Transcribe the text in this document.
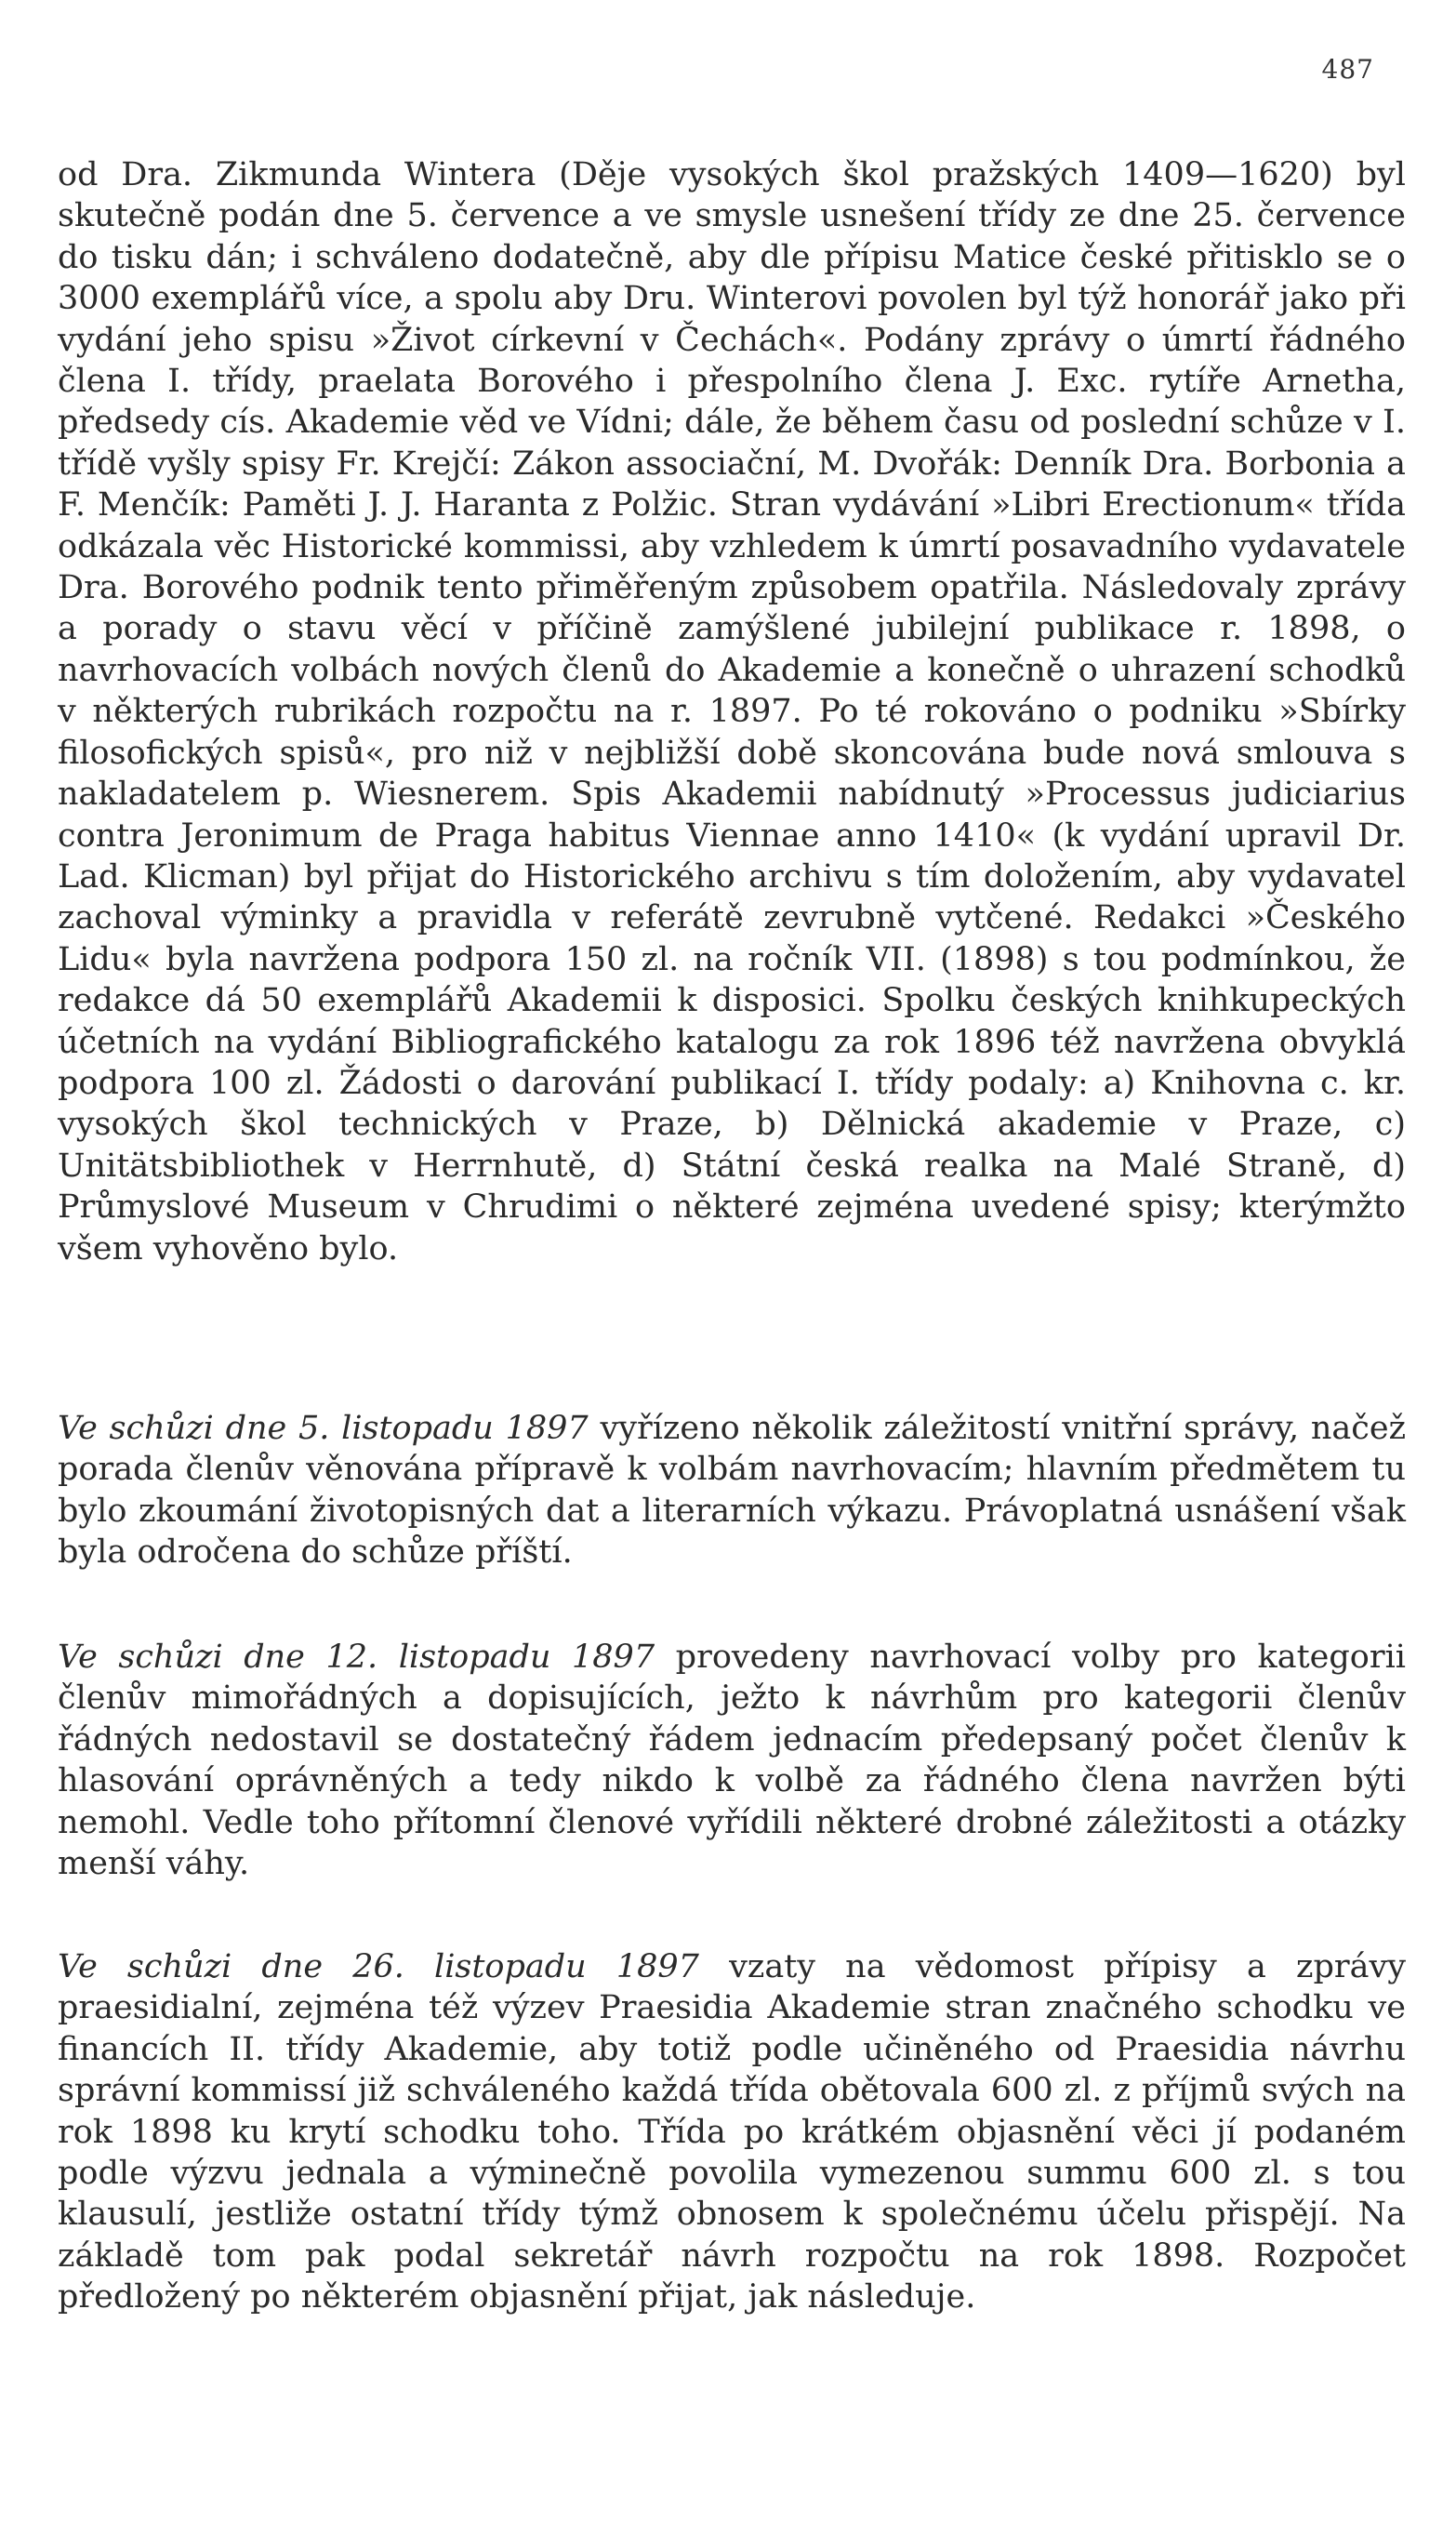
487

od Dra. Zikmunda Wintera (Děje vysokých škol pražských 1409—1620) byl skutečně podán dne 5. července a ve smysle usnešení třídy ze dne 25. července do tisku dán; i schváleno dodatečně, aby dle přípisu Matice české přitisklo se o 3000 exemplářů více, a spolu aby Dru. Winterovi povolen byl týž honorář jako při vydání jeho spisu »Život církevní v Čechách«. Podány zprávy o úmrtí řádného člena I. třídy, praelata Borového i přespolního člena J. Exc. rytíře Arnetha, předsedy cís. Akademie věd ve Vídni; dále, že během času od poslední schůze v I. třídě vyšly spisy Fr. Krejčí: Zákon associační, M. Dvořák: Denník Dra. Borbonia a F. Menčík: Paměti J. J. Haranta z Polžic. Stran vydávání »Libri Erectionum« třída odkázala věc Historické kommissi, aby vzhledem k úmrtí posavadního vydavatele Dra. Borového podnik tento přiměřeným způsobem opatřila. Následovaly zprávy a porady o stavu věcí v příčině zamýšlené jubilejní publikace r. 1898, o navrhovacích volbách nových členů do Akademie a konečně o uhrazení schodků v některých rubrikách rozpočtu na r. 1897. Po té rokováno o podniku »Sbírky filosofických spisů«, pro niž v nejbližší době skoncována bude nová smlouva s nakladatelem p. Wiesnerem. Spis Akademii nabídnutý »Processus judiciarius contra Jeronimum de Praga habitus Viennae anno 1410« (k vydání upravil Dr. Lad. Klicman) byl přijat do Historického archivu s tím doložením, aby vydavatel zachoval výminky a pravidla v referátě zevrubně vytčené. Redakci »Českého Lidu« byla navržena podpora 150 zl. na ročník VII. (1898) s tou podmínkou, že redakce dá 50 exemplářů Akademii k disposici. Spolku českých knihkupeckých účetních na vydání Bibliografického katalogu za rok 1896 též navržena obvyklá podpora 100 zl. Žádosti o darování publikací I. třídy podaly: a) Knihovna c. kr. vysokých škol technických v Praze, b) Dělnická akademie v Praze, c) Unitätsbibliothek v Herrnhutě, d) Státní česká realka na Malé Straně, d) Průmyslové Museum v Chrudimi o některé zejména uvedené spisy; kterýmžto všem vyhověno bylo.

Ve schůzi dne 5. listopadu 1897 vyřízeno několik záležitostí vnitřní správy, načež porada členův věnována přípravě k volbám navrhovacím; hlavním předmětem tu bylo zkoumání životopisných dat a literarních výkazu. Právoplatná usnášení však byla odročena do schůze příští.

Ve schůzi dne 12. listopadu 1897 provedeny navrhovací volby pro kategorii členův mimořádných a dopisujících, ježto k návrhům pro kategorii členův řádných nedostavil se dostatečný řádem jednacím předepsaný počet členův k hlasování oprávněných a tedy nikdo k volbě za řádného člena navržen býti nemohl. Vedle toho přítomní členové vyřídili některé drobné záležitosti a otázky menší váhy.

Ve schůzi dne 26. listopadu 1897 vzaty na vědomost přípisy a zprávy praesidialní, zejména též výzev Praesidia Akademie stran značného schodku ve financích II. třídy Akademie, aby totiž podle učiněného od Praesidia návrhu správní kommissí již schváleného každá třída obětovala 600 zl. z příjmů svých na rok 1898 ku krytí schodku toho. Třída po krátkém objasnění věci jí podaném podle výzvu jednala a výminečně povolila vymezenou summu 600 zl. s tou klausulí, jestliže ostatní třídy týmž obnosem k společnému účelu přispějí. Na základě tom pak podal sekretář návrh rozpočtu na rok 1898. Rozpočet předložený po některém objasnění přijat, jak následuje.
